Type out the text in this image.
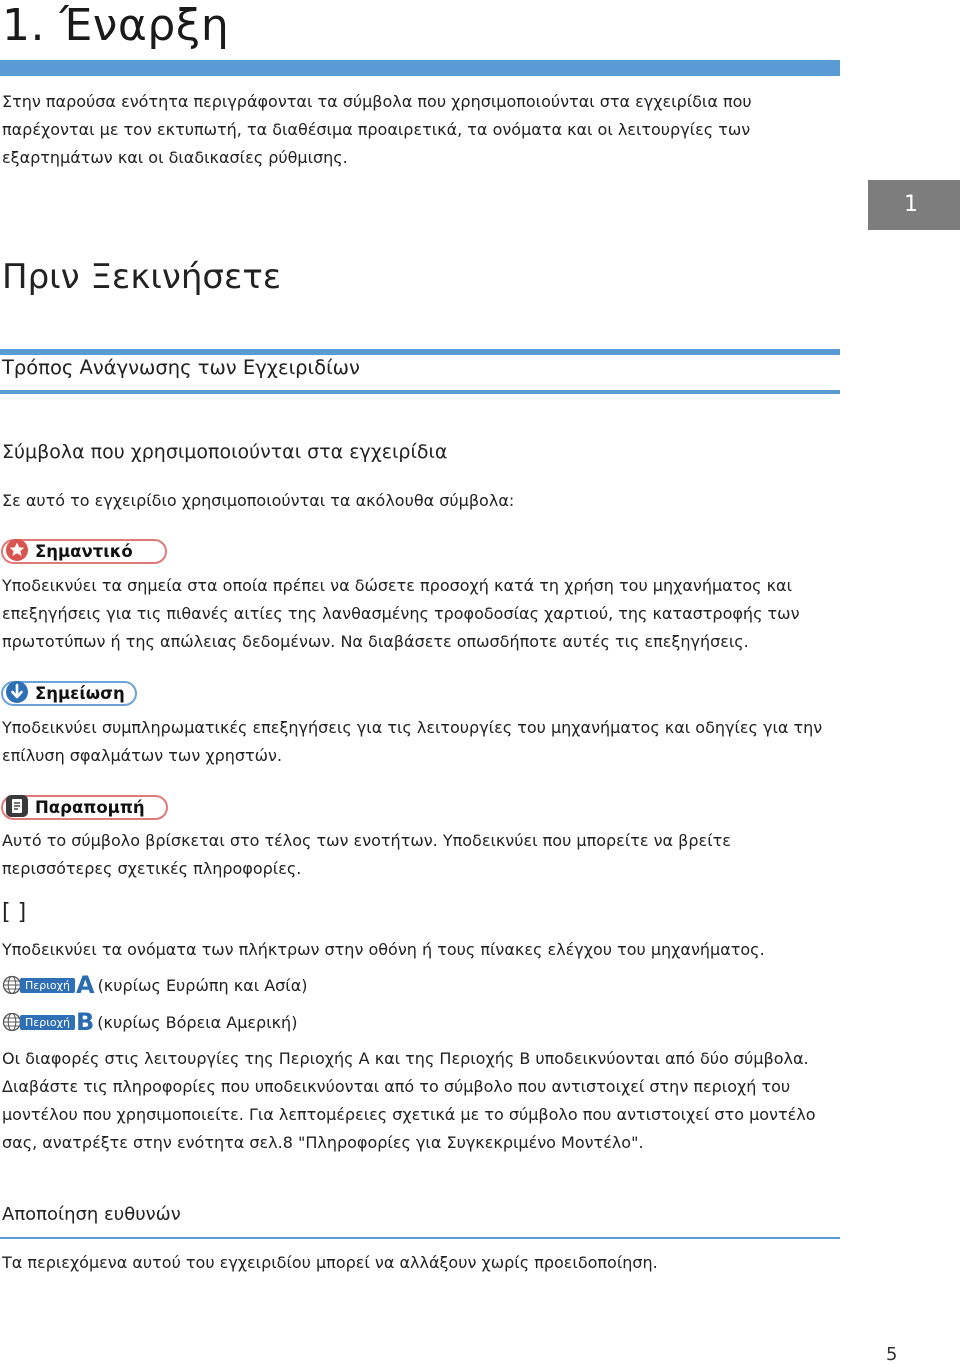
1. Έναρξη
Στην παρούσα ενότητα περιγράφονται τα σύμβολα που χρησιμοποιούνται στα εγχειρίδια που παρέχονται με τον εκτυπωτή, τα διαθέσιμα προαιρετικά, τα ονόματα και οι λειτουργίες των εξαρτημάτων και οι διαδικασίες ρύθμισης.
1
Πριν Ξεκινήσετε
Τρόπος Ανάγνωσης των Εγχειριδίων
Σύμβολα που χρησιμοποιούνται στα εγχειρίδια
Σε αυτό το εγχειρίδιο χρησιμοποιούνται τα ακόλουθα σύμβολα:
Σημαντικό
Υποδεικνύει τα σημεία στα οποία πρέπει να δώσετε προσοχή κατά τη χρήση του μηχανήματος και επεξηγήσεις για τις πιθανές αιτίες της λανθασμένης τροφοδοσίας χαρτιού, της καταστροφής των πρωτοτύπων ή της απώλειας δεδομένων. Να διαβάσετε οπωσδήποτε αυτές τις επεξηγήσεις.
Σημείωση
Υποδεικνύει συμπληρωματικές επεξηγήσεις για τις λειτουργίες του μηχανήματος και οδηγίες για την επίλυση σφαλμάτων των χρηστών.
Παραπομπή
Αυτό το σύμβολο βρίσκεται στο τέλος των ενοτήτων. Υποδεικνύει που μπορείτε να βρείτε περισσότερες σχετικές πληροφορίες.
[ ]
Υποδεικνύει τα ονόματα των πλήκτρων στην οθόνη ή τους πίνακες ελέγχου του μηχανήματος.
Περιοχή A (κυρίως Ευρώπη και Ασία)
Περιοχή B (κυρίως Βόρεια Αμερική)
Οι διαφορές στις λειτουργίες της Περιοχής A και της Περιοχής B υποδεικνύονται από δύο σύμβολα. Διαβάστε τις πληροφορίες που υποδεικνύονται από το σύμβολο που αντιστοιχεί στην περιοχή του μοντέλου που χρησιμοποιείτε. Για λεπτομέρειες σχετικά με το σύμβολο που αντιστοιχεί στο μοντέλο σας, ανατρέξτε στην ενότητα σελ.8 "Πληροφορίες για Συγκεκριμένο Μοντέλο".
Αποποίηση ευθυνών
Τα περιεχόμενα αυτού του εγχειριδίου μπορεί να αλλάξουν χωρίς προειδοποίηση.
5
